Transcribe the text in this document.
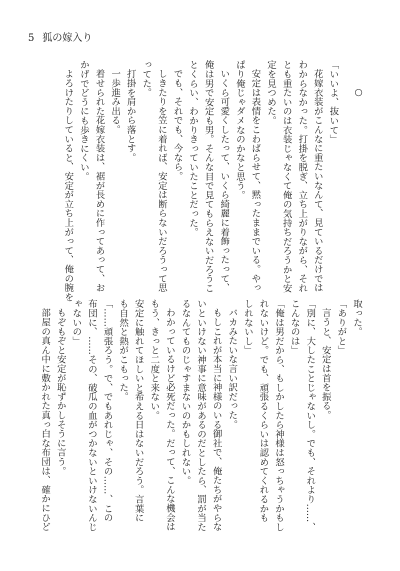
5 狐の嫁入り
○
「いいよ、抜いて」
花嫁衣装がこんなに重たいなんて、見ているだけでは
わからなかった。打掛を脱ぎ、立ち上がりながら、それ
とも重たいのは衣装じゃなくて俺の気持ちだろうかと安
定を見つめた。
安定は表情をこわばらせて、黙ったままでいる。やっ
ぱり俺じゃダメなのかなと思う。
いくら可愛くしたって、いくら綺麗に着飾ったって、
俺は男で安定も男。そんな目で見てもらえないだろうこ
とくらい、わかりきっていたことだった。
でも、それでも、今なら。
しきたりを笠に着れば、安定は断らないだろうって思
ってた。
打掛を肩から落とす。
一歩進み出る。
着せられた花嫁衣装は、裾が長めに作ってあって、お
かげでどうにも歩きにくい。
よろけたりしていると、安定が立ち上がって、俺の腕を
取った。
「ありがと」
言うと、安定は首を振る。
「別に、大したことじゃないし。でも、それより……、
こんなのは」
「俺は男だから、もしかしたら神様は怒っちゃうかもし
れないけど。でも、頑張るくらいは認めてくれるかも
しれないし」
バカみたいな言い訳だった。
もしこれが本当に神様のいる御社で、俺たちがやらな
いといけない神事に意味があるのだとしたら、罰が当た
るなんてものじゃすまないのかもしれない。
わかっているけど必死だった。だって、こんな機会は
もう、きっと二度と来ない。
安定に触れてほしいと希える日はないだろう。言葉に
も自然と熱がこもった。
「……頑張ろう。で、でもあれじゃ、その……、この
布団に、……その、破瓜の血がつかないといけないんじ
ゃないの」
もぞもぞと安定が恥ずかしそうに言う。
部屋の真ん中に敷かれた真っ白な布団は、確かにひど
